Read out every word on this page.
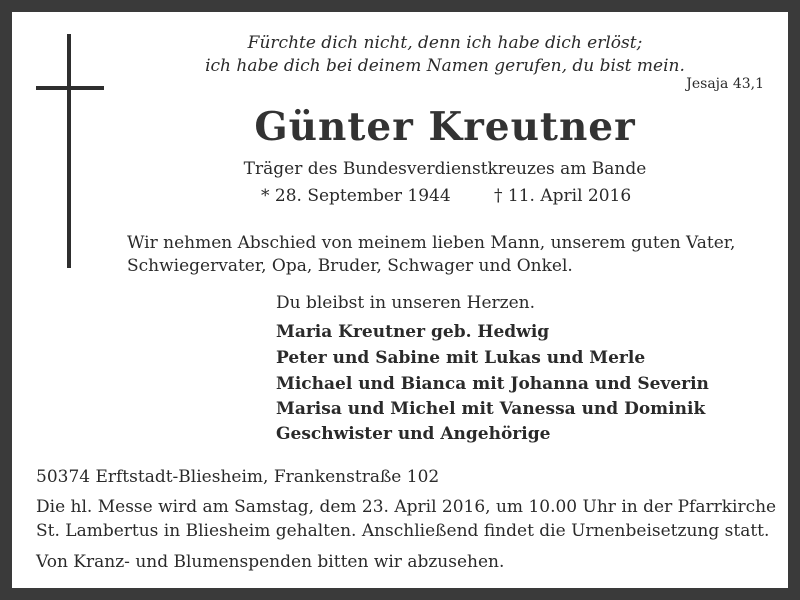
Fürchte dich nicht, denn ich habe dich erlöst;

ich habe dich bei deinem Namen gerufen, du bist mein.

Jesaja 43,1

Günter Kreutner

Träger des Bundesverdienstkreuzes am Bande

* 28. September 1944	† 11. April 2016

Wir nehmen Abschied von meinem lieben Mann, unserem guten Vater,

Schwiegervater, Opa, Bruder, Schwager und Onkel.

Du bleibst in unseren Herzen.

Maria Kreutner geb. Hedwig

Peter und Sabine mit Lukas und Merle

Michael und Bianca mit Johanna und Severin

Marisa und Michel mit Vanessa und Dominik

Geschwister und Angehörige

50374 Erftstadt-Bliesheim, Frankenstraße 102

Die hl. Messe wird am Samstag, dem 23. April 2016, um 10.00 Uhr in der Pfarrkirche

St. Lambertus in Bliesheim gehalten. Anschließend findet die Urnenbeisetzung statt.

Von Kranz- und Blumenspenden bitten wir abzusehen.
